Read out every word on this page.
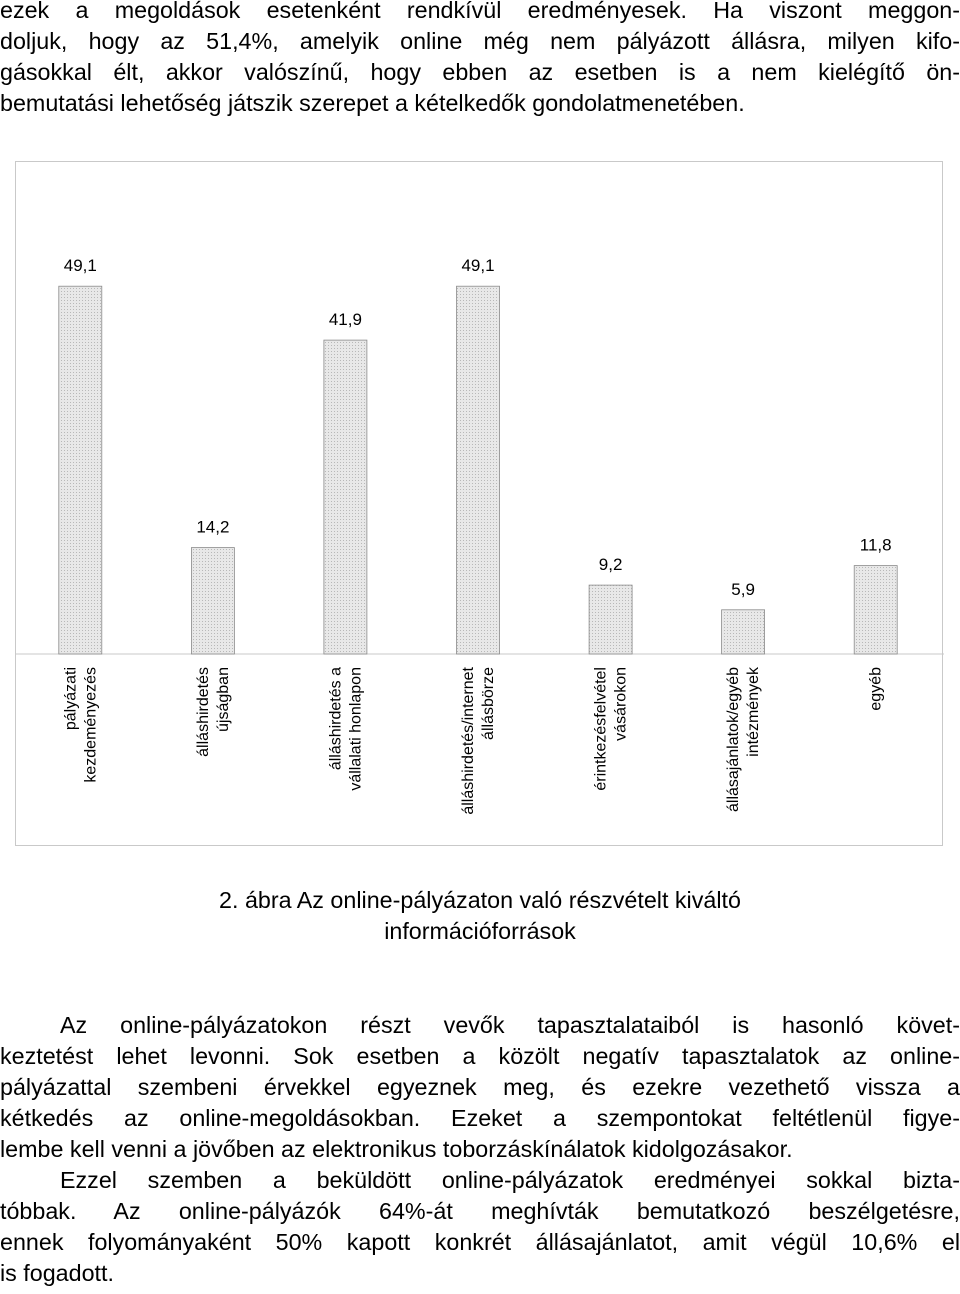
ezek a megoldások esetenként rendkívül eredményesek. Ha viszont meggon-
doljuk, hogy az 51,4%, amelyik online még nem pályázott állásra, milyen kifo-
gásokkal élt, akkor valószínű, hogy ebben az esetben is a nem kielégítő ön-
bemutatási lehetőség játszik szerepet a kételkedők gondolatmenetében.
49,1
14,2
41,9
49,1
9,2
5,9
11,8
pályázati kezdeményezés	álláshirdetés újságban	álláshirdetés a vállalati honlapon	álláshirdetés/internet állásbörze	érintkezésfelvétel vásárokon	állásajánlatok/egyéb intézmények	egyéb
2. ábra Az online-pályázaton való részvételt kiváltó
információforrások
Az online-pályázatokon részt vevők tapasztalataiból is hasonló követ-
keztetést lehet levonni. Sok esetben a közölt negatív tapasztalatok az online-
pályázattal szembeni érvekkel egyeznek meg, és ezekre vezethető vissza a
kétkedés az online-megoldásokban. Ezeket a szempontokat feltétlenül figye-
lembe kell venni a jövőben az elektronikus toborzáskínálatok kidolgozásakor.
Ezzel szemben a beküldött online-pályázatok eredményei sokkal bizta-
tóbbak. Az online-pályázók 64%-át meghívták bemutatkozó beszélgetésre,
ennek folyományaként 50% kapott konkrét állásajánlatot, amit végül 10,6% el
is fogadott.
